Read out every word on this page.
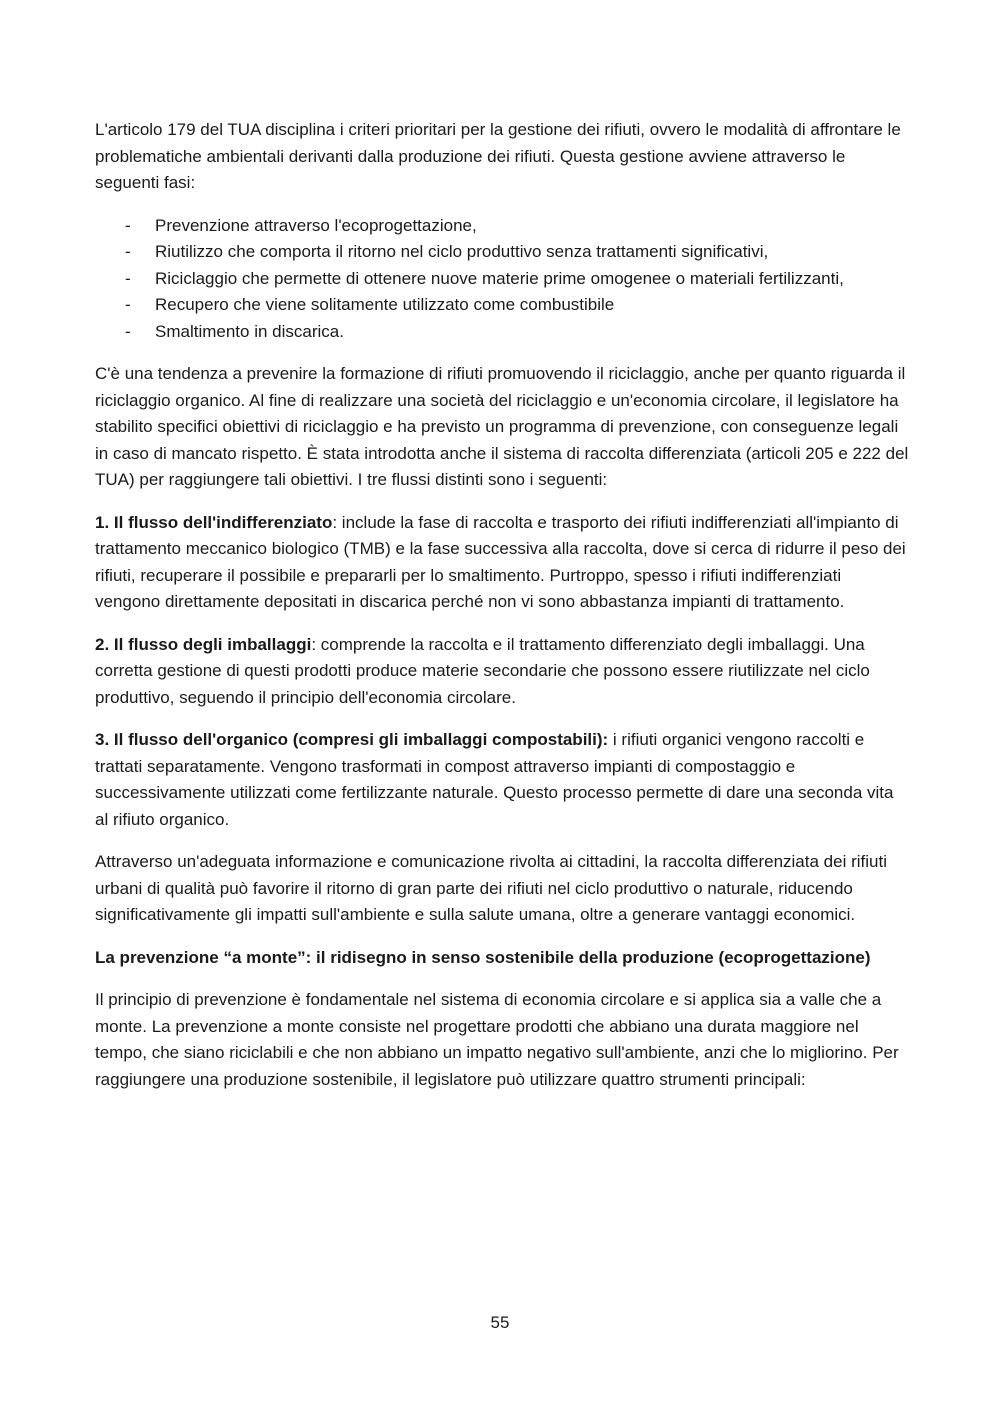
L'articolo 179 del TUA disciplina i criteri prioritari per la gestione dei rifiuti, ovvero le modalità di affrontare le problematiche ambientali derivanti dalla produzione dei rifiuti. Questa gestione avviene attraverso le seguenti fasi:

- Prevenzione attraverso l'ecoprogettazione,
- Riutilizzo che comporta il ritorno nel ciclo produttivo senza trattamenti significativi,
- Riciclaggio che permette di ottenere nuove materie prime omogenee o materiali fertilizzanti,
- Recupero che viene solitamente utilizzato come combustibile
- Smaltimento in discarica.

C'è una tendenza a prevenire la formazione di rifiuti promuovendo il riciclaggio, anche per quanto riguarda il riciclaggio organico. Al fine di realizzare una società del riciclaggio e un'economia circolare, il legislatore ha stabilito specifici obiettivi di riciclaggio e ha previsto un programma di prevenzione, con conseguenze legali in caso di mancato rispetto. È stata introdotta anche il sistema di raccolta differenziata (articoli 205 e 222 del TUA) per raggiungere tali obiettivi. I tre flussi distinti sono i seguenti:

1. Il flusso dell'indifferenziato: include la fase di raccolta e trasporto dei rifiuti indifferenziati all'impianto di trattamento meccanico biologico (TMB) e la fase successiva alla raccolta, dove si cerca di ridurre il peso dei rifiuti, recuperare il possibile e prepararli per lo smaltimento. Purtroppo, spesso i rifiuti indifferenziati vengono direttamente depositati in discarica perché non vi sono abbastanza impianti di trattamento.

2. Il flusso degli imballaggi: comprende la raccolta e il trattamento differenziato degli imballaggi. Una corretta gestione di questi prodotti produce materie secondarie che possono essere riutilizzate nel ciclo produttivo, seguendo il principio dell'economia circolare.

3. Il flusso dell'organico (compresi gli imballaggi compostabili): i rifiuti organici vengono raccolti e trattati separatamente. Vengono trasformati in compost attraverso impianti di compostaggio e successivamente utilizzati come fertilizzante naturale. Questo processo permette di dare una seconda vita al rifiuto organico.

Attraverso un'adeguata informazione e comunicazione rivolta ai cittadini, la raccolta differenziata dei rifiuti urbani di qualità può favorire il ritorno di gran parte dei rifiuti nel ciclo produttivo o naturale, riducendo significativamente gli impatti sull'ambiente e sulla salute umana, oltre a generare vantaggi economici.

La prevenzione “a monte”: il ridisegno in senso sostenibile della produzione (ecoprogettazione)

Il principio di prevenzione è fondamentale nel sistema di economia circolare e si applica sia a valle che a monte. La prevenzione a monte consiste nel progettare prodotti che abbiano una durata maggiore nel tempo, che siano riciclabili e che non abbiano un impatto negativo sull'ambiente, anzi che lo migliorino. Per raggiungere una produzione sostenibile, il legislatore può utilizzare quattro strumenti principali:

55
